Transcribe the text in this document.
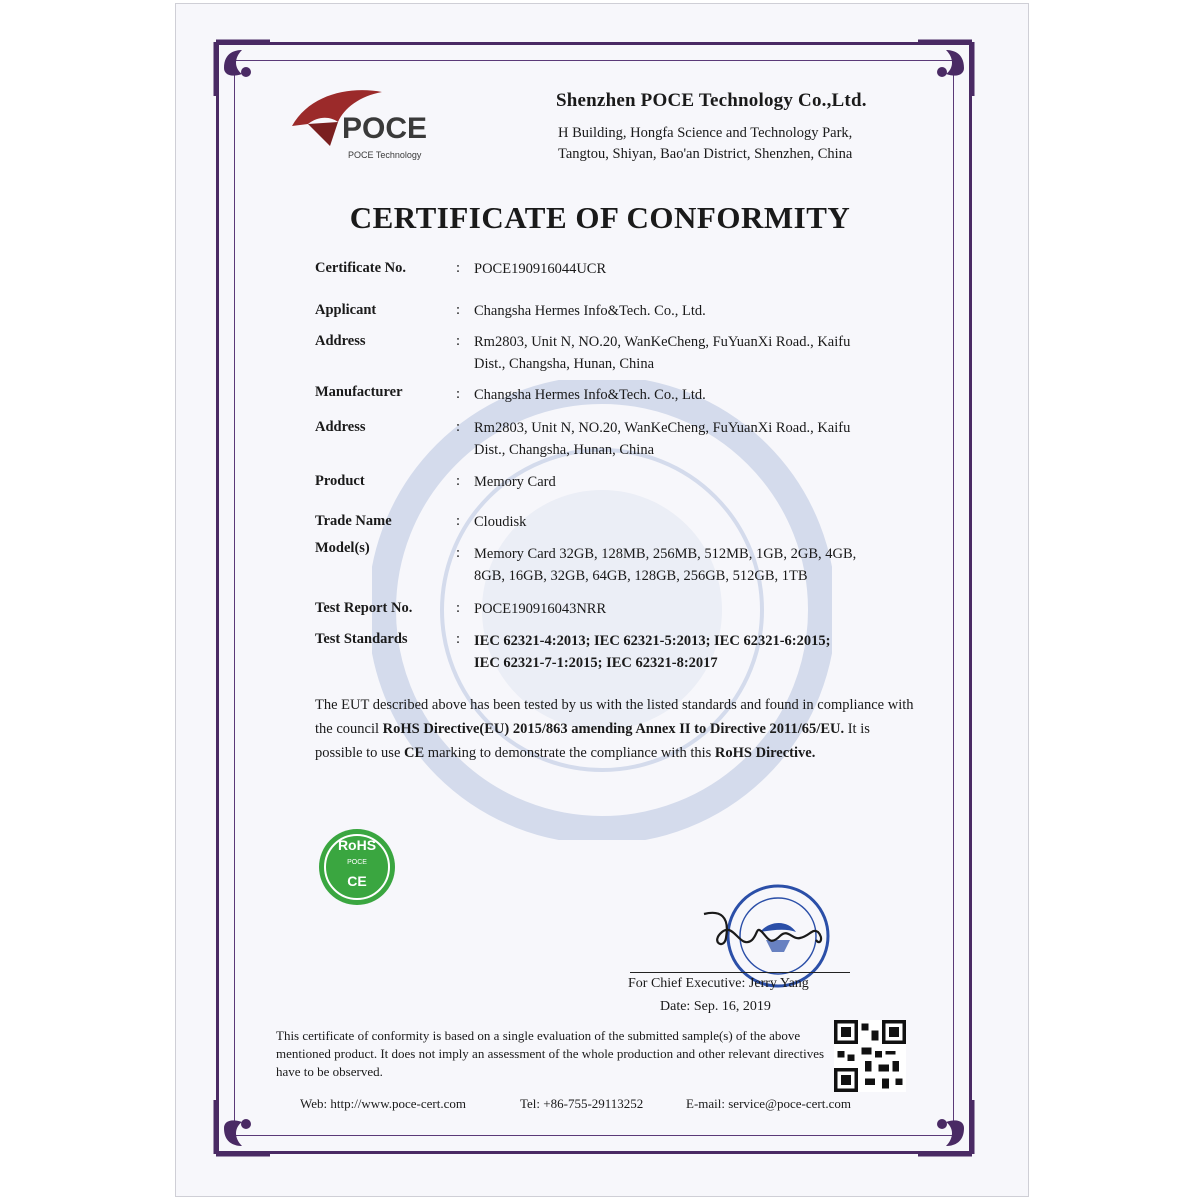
POCE
POCE Technology
Shenzhen POCE Technology Co.,Ltd.
H Building, Hongfa Science and Technology Park,
Tangtou, Shiyan, Bao'an District, Shenzhen, China
CERTIFICATE OF CONFORMITY
Certificate No.	: POCE190916044UCR
Applicant	: Changsha Hermes Info&Tech. Co., Ltd.
Address	: Rm2803, Unit N, NO.20, WanKeCheng, FuYuanXi Road., Kaifu
Dist., Changsha, Hunan, China
Manufacturer	: Changsha Hermes Info&Tech. Co., Ltd.
Address	: Rm2803, Unit N, NO.20, WanKeCheng, FuYuanXi Road., Kaifu
Dist., Changsha, Hunan, China
Product	: Memory Card
Trade Name	: Cloudisk
Model(s)	: Memory Card 32GB, 128MB, 256MB, 512MB, 1GB, 2GB, 4GB,
8GB, 16GB, 32GB, 64GB, 128GB, 256GB, 512GB, 1TB
Test Report No.	: POCE190916043NRR
Test Standards	: IEC 62321-4:2013; IEC 62321-5:2013; IEC 62321-6:2015;
IEC 62321-7-1:2015; IEC 62321-8:2017
The EUT described above has been tested by us with the listed standards and found in compliance with the council RoHS Directive(EU) 2015/863 amending Annex II to Directive 2011/65/EU. It is possible to use CE marking to demonstrate the compliance with this RoHS Directive.
RoHS
POCE
CE
For Chief Executive: Jerry Yang
Date: Sep. 16, 2019
This certificate of conformity is based on a single evaluation of the submitted sample(s) of the above mentioned product. It does not imply an assessment of the whole production and other relevant directives have to be observed.
Web: http://www.poce-cert.com	Tel: +86-755-29113252	E-mail: service@poce-cert.com
